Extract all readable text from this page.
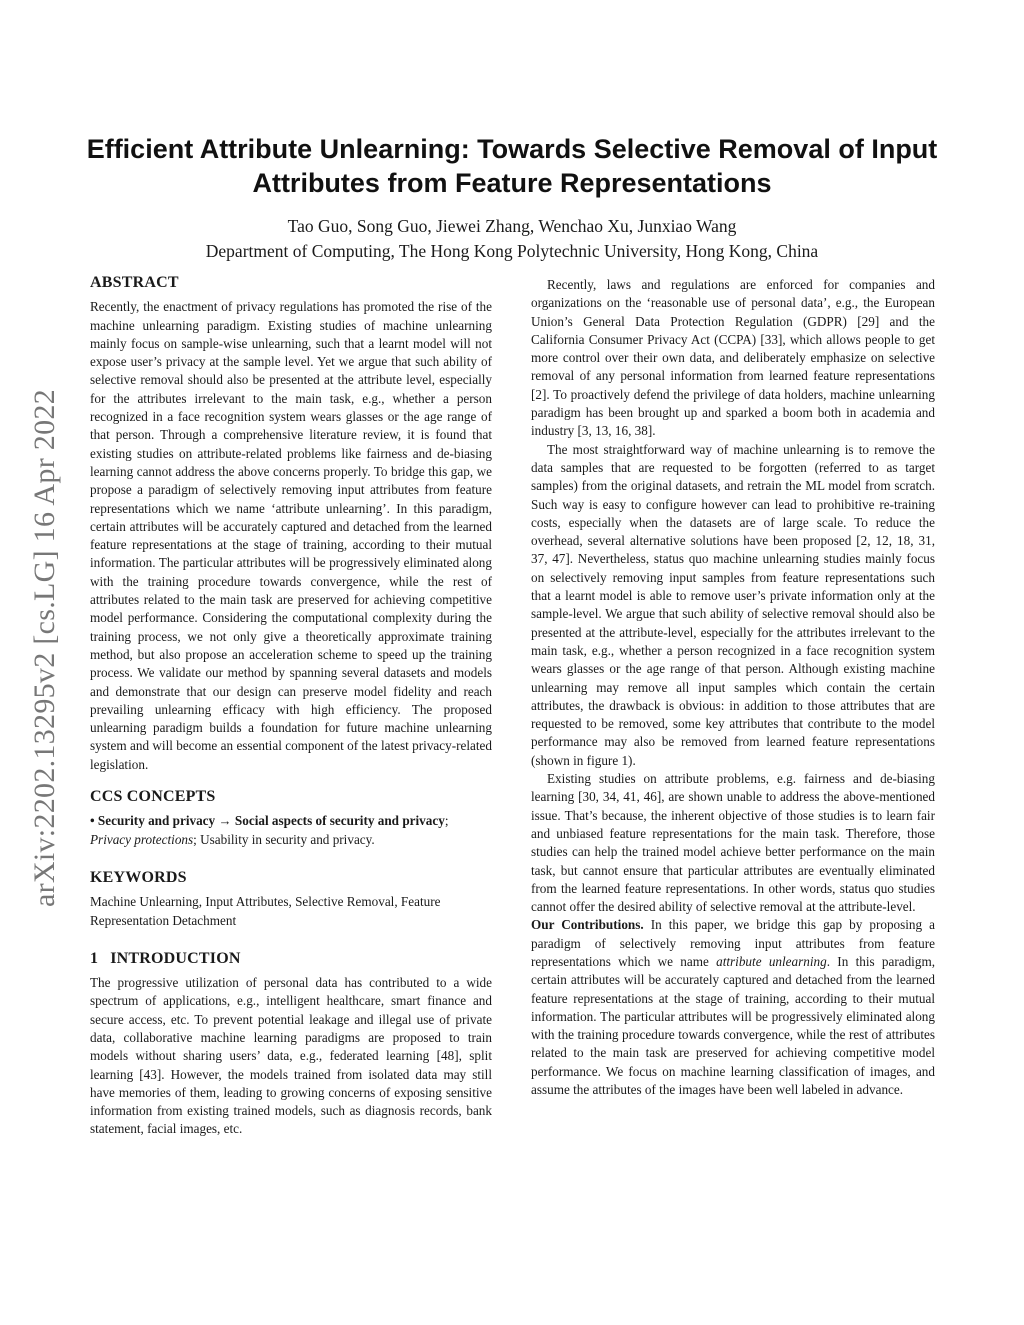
arXiv:2202.13295v2 [cs.LG] 16 Apr 2022
Efficient Attribute Unlearning: Towards Selective Removal of Input Attributes from Feature Representations
Tao Guo, Song Guo, Jiewei Zhang, Wenchao Xu, Junxiao Wang
Department of Computing, The Hong Kong Polytechnic University, Hong Kong, China
ABSTRACT

Recently, the enactment of privacy regulations has promoted the rise of the machine unlearning paradigm. Existing studies of machine unlearning mainly focus on sample-wise unlearning, such that a learnt model will not expose user’s privacy at the sample level. Yet we argue that such ability of selective removal should also be presented at the attribute level, especially for the attributes irrelevant to the main task, e.g., whether a person recognized in a face recognition system wears glasses or the age range of that person. Through a comprehensive literature review, it is found that existing studies on attribute-related problems like fairness and de-biasing learning cannot address the above concerns properly. To bridge this gap, we propose a paradigm of selectively removing input attributes from feature representations which we name ‘attribute unlearning’. In this paradigm, certain attributes will be accurately captured and detached from the learned feature representations at the stage of training, according to their mutual information. The particular attributes will be progressively eliminated along with the training procedure towards convergence, while the rest of attributes related to the main task are preserved for achieving competitive model performance. Considering the computational complexity during the training process, we not only give a theoretically approximate training method, but also propose an acceleration scheme to speed up the training process. We validate our method by spanning several datasets and models and demonstrate that our design can preserve model fidelity and reach prevailing unlearning efficacy with high efficiency. The proposed unlearning paradigm builds a foundation for future machine unlearning system and will become an essential component of the latest privacy-related legislation.

CCS CONCEPTS

• Security and privacy → Social aspects of security and privacy;
Privacy protections; Usability in security and privacy.

KEYWORDS

Machine Unlearning, Input Attributes, Selective Removal, Feature Representation Detachment

1 INTRODUCTION

The progressive utilization of personal data has contributed to a wide spectrum of applications, e.g., intelligent healthcare, smart finance and secure access, etc. To prevent potential leakage and illegal use of private data, collaborative machine learning paradigms are proposed to train models without sharing users’ data, e.g., federated learning [48], split learning [43]. However, the models trained from isolated data may still have memories of them, leading to growing concerns of exposing sensitive information from existing trained models, such as diagnosis records, bank statement, facial images, etc.

Recently, laws and regulations are enforced for companies and organizations on the ‘reasonable use of personal data’, e.g., the European Union’s General Data Protection Regulation (GDPR) [29] and the California Consumer Privacy Act (CCPA) [33], which allows people to get more control over their own data, and deliberately emphasize on selective removal of any personal information from learned feature representations [2]. To proactively defend the privilege of data holders, machine unlearning paradigm has been brought up and sparked a boom both in academia and industry [3, 13, 16, 38].

The most straightforward way of machine unlearning is to remove the data samples that are requested to be forgotten (referred to as target samples) from the original datasets, and retrain the ML model from scratch. Such way is easy to configure however can lead to prohibitive re-training costs, especially when the datasets are of large scale. To reduce the overhead, several alternative solutions have been proposed [2, 12, 18, 31, 37, 47]. Nevertheless, status quo machine unlearning studies mainly focus on selectively removing input samples from feature representations such that a learnt model is able to remove user’s private information only at the sample-level. We argue that such ability of selective removal should also be presented at the attribute-level, especially for the attributes irrelevant to the main task, e.g., whether a person recognized in a face recognition system wears glasses or the age range of that person. Although existing machine unlearning may remove all input samples which contain the certain attributes, the drawback is obvious: in addition to those attributes that are requested to be removed, some key attributes that contribute to the model performance may also be removed from learned feature representations (shown in figure 1).

Existing studies on attribute problems, e.g. fairness and de-biasing learning [30, 34, 41, 46], are shown unable to address the above-mentioned issue. That’s because, the inherent objective of those studies is to learn fair and unbiased feature representations for the main task. Therefore, those studies can help the trained model achieve better performance on the main task, but cannot ensure that particular attributes are eventually eliminated from the learned feature representations. In other words, status quo studies cannot offer the desired ability of selective removal at the attribute-level.

Our Contributions. In this paper, we bridge this gap by proposing a paradigm of selectively removing input attributes from feature representations which we name attribute unlearning. In this paradigm, certain attributes will be accurately captured and detached from the learned feature representations at the stage of training, according to their mutual information. The particular attributes will be progressively eliminated along with the training procedure towards convergence, while the rest of attributes related to the main task are preserved for achieving competitive model performance. We focus on machine learning classification of images, and assume the attributes of the images have been well labeled in advance.
